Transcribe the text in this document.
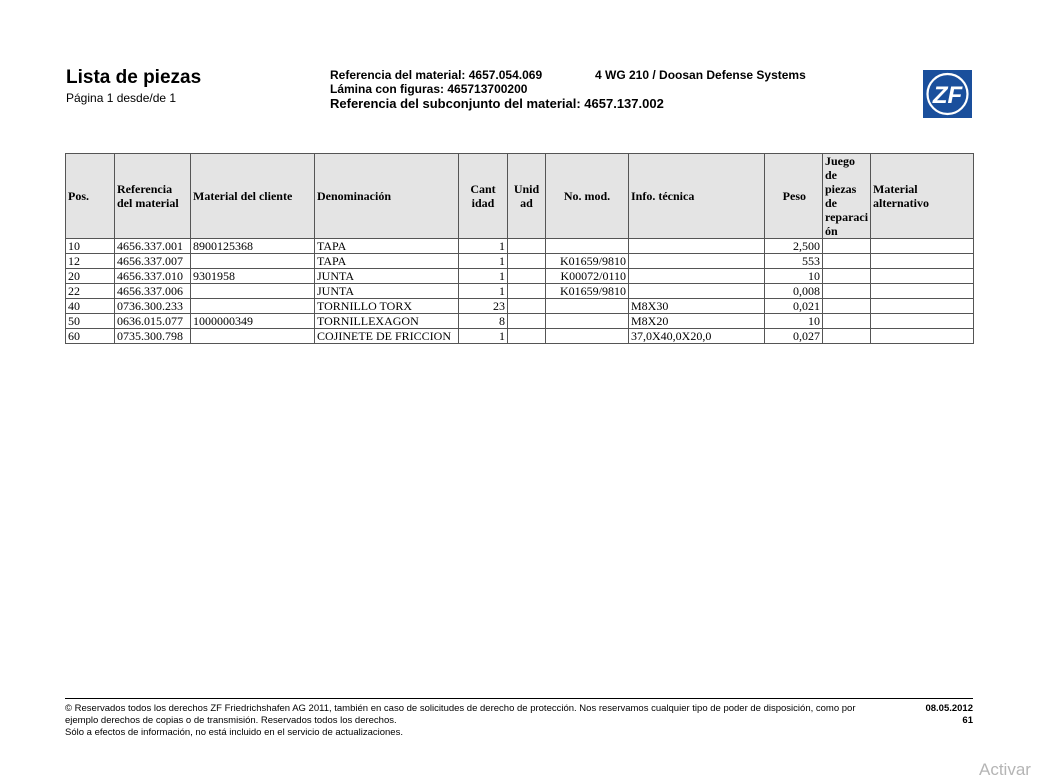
Lista de piezas
Página 1 desde/de 1
Referencia del material: 4657.054.069	4 WG 210 / Doosan Defense Systems
Lámina con figuras: 465713700200
Referencia del subconjunto del material: 4657.137.002	ZF
Pos.	Referencia del material	Material del cliente	Denominación	Cant idad	Unid ad	No. mod.	Info. técnica	Peso	Juego de piezas de reparaci ón	Material alternativo
10	4656.337.001	8900125368	TAPA	1				2,500		
12	4656.337.007		TAPA	1		K01659/9810		553		
20	4656.337.010	9301958	JUNTA	1		K00072/0110		10		
22	4656.337.006		JUNTA	1		K01659/9810		0,008		
40	0736.300.233		TORNILLO TORX	23			M8X30	0,021		
50	0636.015.077	1000000349	TORNILLEXAGON	8			M8X20	10		
60	0735.300.798		COJINETE DE FRICCION	1			37,0X40,0X20,0	0,027		

© Reservados todos los derechos ZF Friedrichshafen AG 2011, también en caso de solicitudes de derecho de protección. Nos reservamos cualquier tipo de poder de disposición, como por

ejemplo derechos de copias o de transmisión. Reservados todos los derechos.

Sólo a efectos de información, no está incluido en el servicio de actualizaciones.

08.05.2012
61
Activar
